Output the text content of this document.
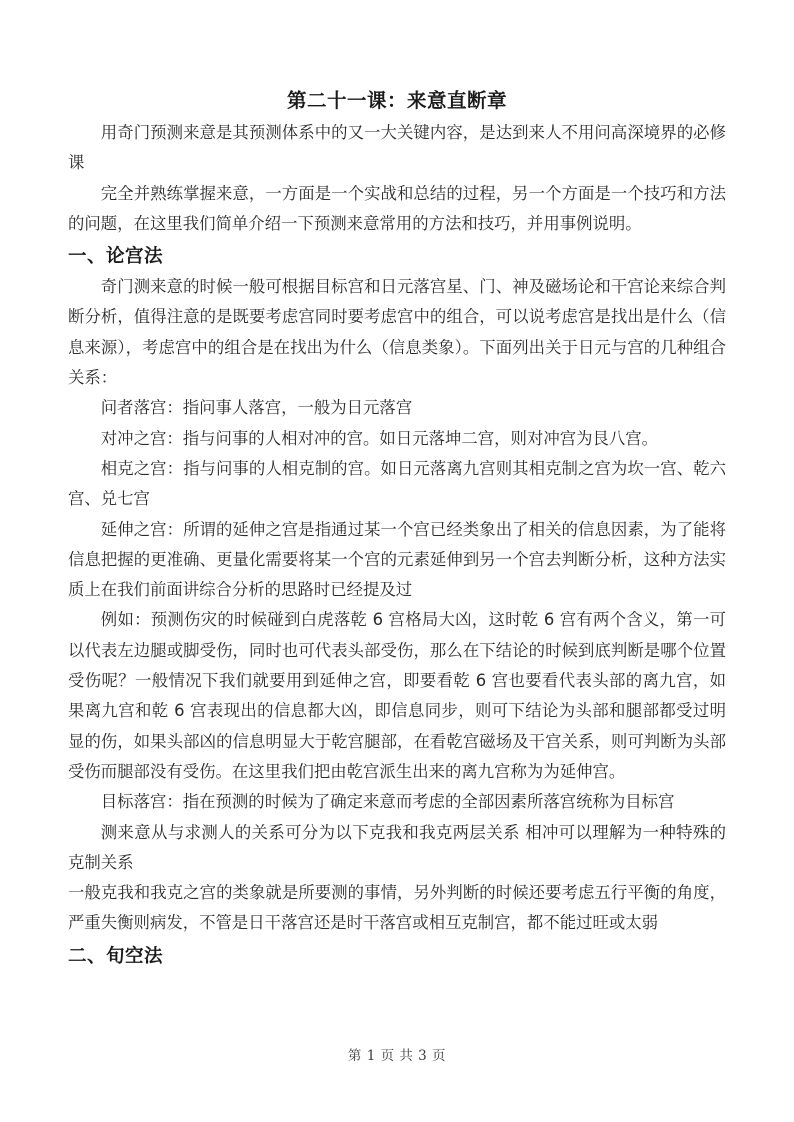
第二十一课：来意直断章

用奇门预测来意是其预测体系中的又一大关键内容，是达到来人不用问高深境界的必修课

完全并熟练掌握来意，一方面是一个实战和总结的过程，另一个方面是一个技巧和方法的问题，在这里我们简单介绍一下预测来意常用的方法和技巧，并用事例说明。

一、论宫法

奇门测来意的时候一般可根据目标宫和日元落宫星、门、神及磁场论和干宫论来综合判断分析，值得注意的是既要考虑宫同时要考虑宫中的组合，可以说考虑宫是找出是什么（信息来源），考虑宫中的组合是在找出为什么（信息类象）。下面列出关于日元与宫的几种组合关系：

问者落宫：指问事人落宫，一般为日元落宫

对冲之宫：指与问事的人相对冲的宫。如日元落坤二宫，则对冲宫为艮八宫。

相克之宫：指与问事的人相克制的宫。如日元落离九宫则其相克制之宫为坎一宫、乾六宫、兑七宫

延伸之宫：所谓的延伸之宫是指通过某一个宫已经类象出了相关的信息因素，为了能将信息把握的更准确、更量化需要将某一个宫的元素延伸到另一个宫去判断分析，这种方法实质上在我们前面讲综合分析的思路时已经提及过

例如：预测伤灾的时候碰到白虎落乾 6 宫格局大凶，这时乾 6 宫有两个含义，第一可以代表左边腿或脚受伤，同时也可代表头部受伤，那么在下结论的时候到底判断是哪个位置受伤呢？一般情况下我们就要用到延伸之宫，即要看乾 6 宫也要看代表头部的离九宫，如果离九宫和乾 6 宫表现出的信息都大凶，即信息同步，则可下结论为头部和腿部都受过明显的伤，如果头部凶的信息明显大于乾宫腿部，在看乾宫磁场及干宫关系，则可判断为头部受伤而腿部没有受伤。在这里我们把由乾宫派生出来的离九宫称为为延伸宫。

目标落宫：指在预测的时候为了确定来意而考虑的全部因素所落宫统称为目标宫

测来意从与求测人的关系可分为以下克我和我克两层关系 相冲可以理解为一种特殊的克制关系

一般克我和我克之宫的类象就是所要测的事情，另外判断的时候还要考虑五行平衡的角度，严重失衡则病发，不管是日干落宫还是时干落宫或相互克制宫，都不能过旺或太弱

二、旬空法
第 1 页 共 3 页
